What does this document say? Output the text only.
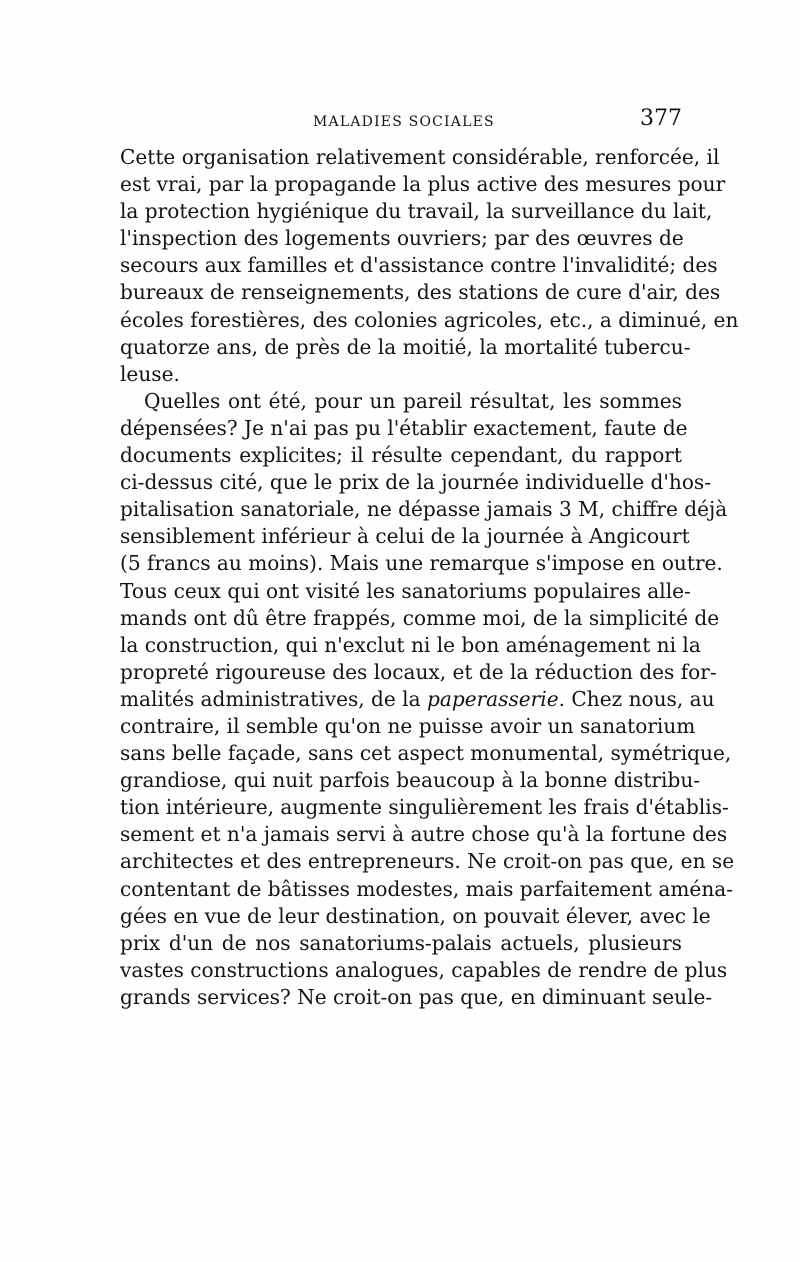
MALADIES SOCIALES	377
Cette organisation relativement considérable, renforcée, il
est vrai, par la propagande la plus active des mesures pour
la protection hygiénique du travail, la surveillance du lait,
l'inspection des logements ouvriers; par des œuvres de
secours aux familles et d'assistance contre l'invalidité; des
bureaux de renseignements, des stations de cure d'air, des
écoles forestières, des colonies agricoles, etc., a diminué, en
quatorze ans, de près de la moitié, la mortalité tubercu-
leuse.
Quelles ont été, pour un pareil résultat, les sommes
dépensées? Je n'ai pas pu l'établir exactement, faute de
documents explicites; il résulte cependant, du rapport
ci-dessus cité, que le prix de la journée individuelle d'hos-
pitalisation sanatoriale, ne dépasse jamais 3 M, chiffre déjà
sensiblement inférieur à celui de la journée à Angicourt
(5 francs au moins). Mais une remarque s'impose en outre.
Tous ceux qui ont visité les sanatoriums populaires alle-
mands ont dû être frappés, comme moi, de la simplicité de
la construction, qui n'exclut ni le bon aménagement ni la
propreté rigoureuse des locaux, et de la réduction des for-
malités administratives, de la paperasserie. Chez nous, au
contraire, il semble qu'on ne puisse avoir un sanatorium
sans belle façade, sans cet aspect monumental, symétrique,
grandiose, qui nuit parfois beaucoup à la bonne distribu-
tion intérieure, augmente singulièrement les frais d'établis-
sement et n'a jamais servi à autre chose qu'à la fortune des
architectes et des entrepreneurs. Ne croit-on pas que, en se
contentant de bâtisses modestes, mais parfaitement aména-
gées en vue de leur destination, on pouvait élever, avec le
prix d'un de nos sanatoriums-palais actuels, plusieurs
vastes constructions analogues, capables de rendre de plus
grands services? Ne croit-on pas que, en diminuant seule-
